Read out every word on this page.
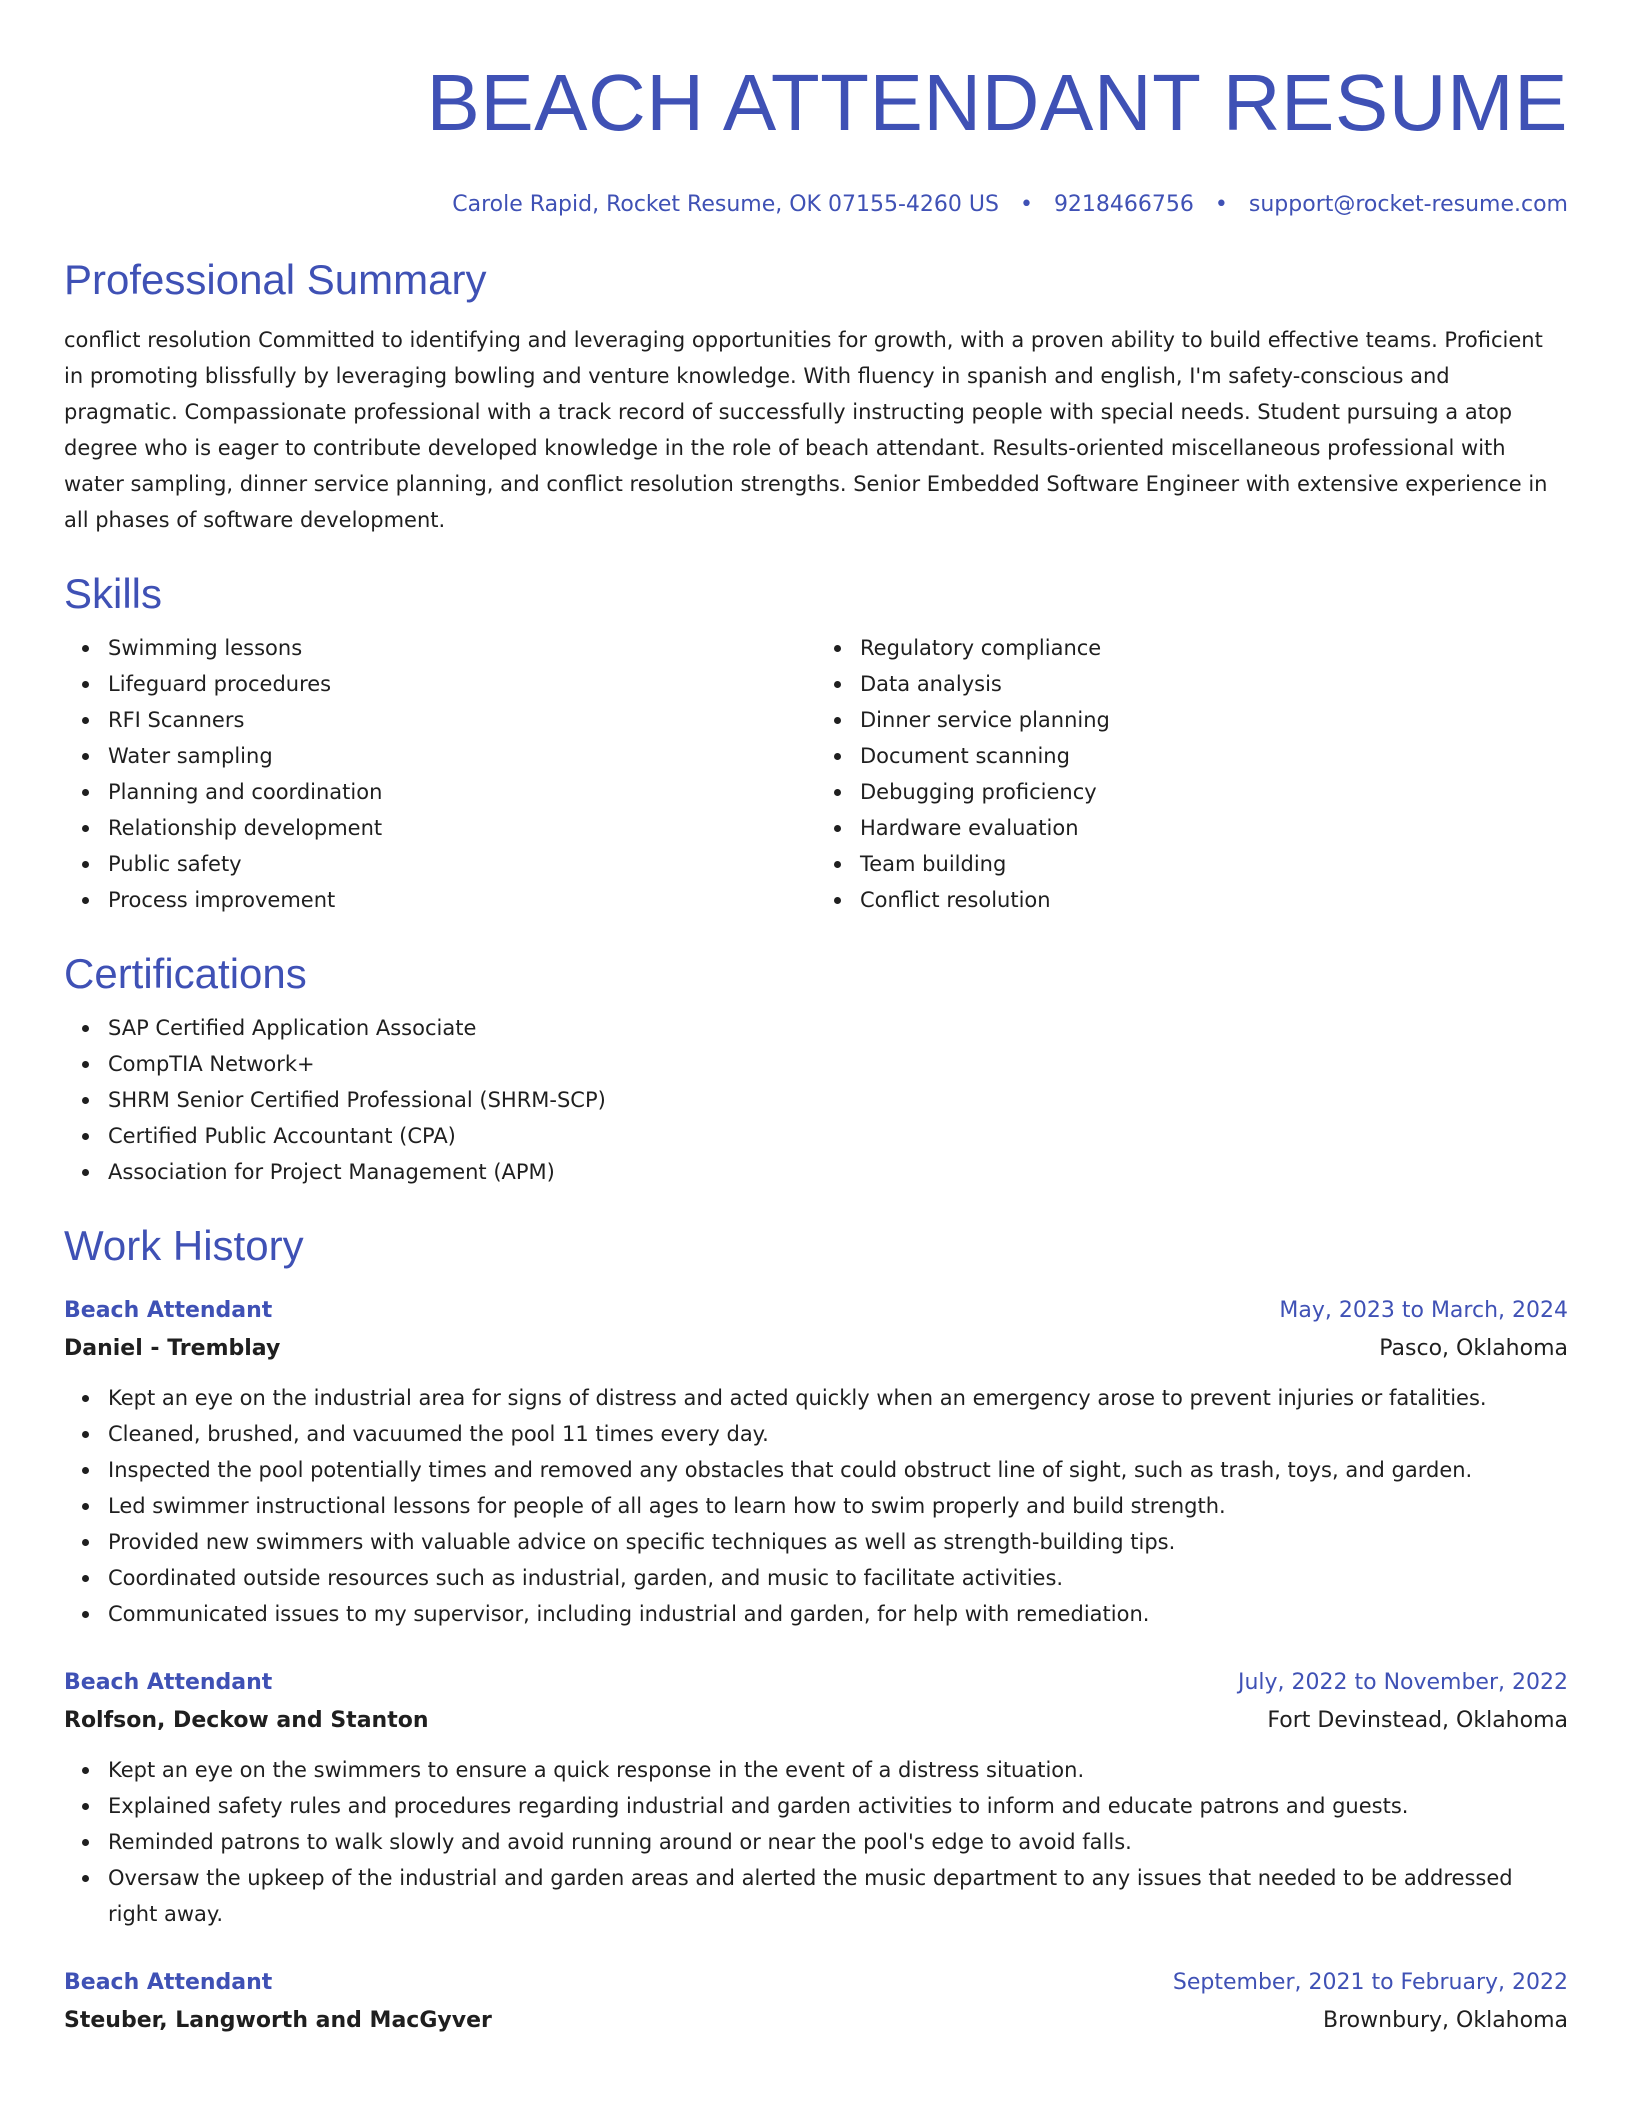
BEACH ATTENDANT RESUME
Carole Rapid, Rocket Resume, OK 07155-4260 US • 9218466756 • support@rocket-resume.com
Professional Summary

conflict resolution Committed to identifying and leveraging opportunities for growth, with a proven ability to build effective teams. Proficient in promoting blissfully by leveraging bowling and venture knowledge. With fluency in spanish and english, I'm safety-conscious and pragmatic. Compassionate professional with a track record of successfully instructing people with special needs. Student pursuing a atop degree who is eager to contribute developed knowledge in the role of beach attendant. Results-oriented miscellaneous professional with water sampling, dinner service planning, and conflict resolution strengths. Senior Embedded Software Engineer with extensive experience in all phases of software development.

Skills
Swimming lessons
Lifeguard procedures
RFI Scanners
Water sampling
Planning and coordination
Relationship development
Public safety
Process improvement
Regulatory compliance
Data analysis
Dinner service planning
Document scanning
Debugging proficiency
Hardware evaluation
Team building
Conflict resolution
Certifications
SAP Certified Application Associate
CompTIA Network+
SHRM Senior Certified Professional (SHRM-SCP)
Certified Public Accountant (CPA)
Association for Project Management (APM)
Work History
Beach Attendant	May, 2023 to March, 2024
Daniel - Tremblay	Pasco, Oklahoma
Kept an eye on the industrial area for signs of distress and acted quickly when an emergency arose to prevent injuries or fatalities.
Cleaned, brushed, and vacuumed the pool 11 times every day.
Inspected the pool potentially times and removed any obstacles that could obstruct line of sight, such as trash, toys, and garden.
Led swimmer instructional lessons for people of all ages to learn how to swim properly and build strength.
Provided new swimmers with valuable advice on specific techniques as well as strength-building tips.
Coordinated outside resources such as industrial, garden, and music to facilitate activities.
Communicated issues to my supervisor, including industrial and garden, for help with remediation.
Beach Attendant	July, 2022 to November, 2022
Rolfson, Deckow and Stanton	Fort Devinstead, Oklahoma
Kept an eye on the swimmers to ensure a quick response in the event of a distress situation.
Explained safety rules and procedures regarding industrial and garden activities to inform and educate patrons and guests.
Reminded patrons to walk slowly and avoid running around or near the pool's edge to avoid falls.
Oversaw the upkeep of the industrial and garden areas and alerted the music department to any issues that needed to be addressed right away.
Beach Attendant	September, 2021 to February, 2022
Steuber, Langworth and MacGyver	Brownbury, Oklahoma
